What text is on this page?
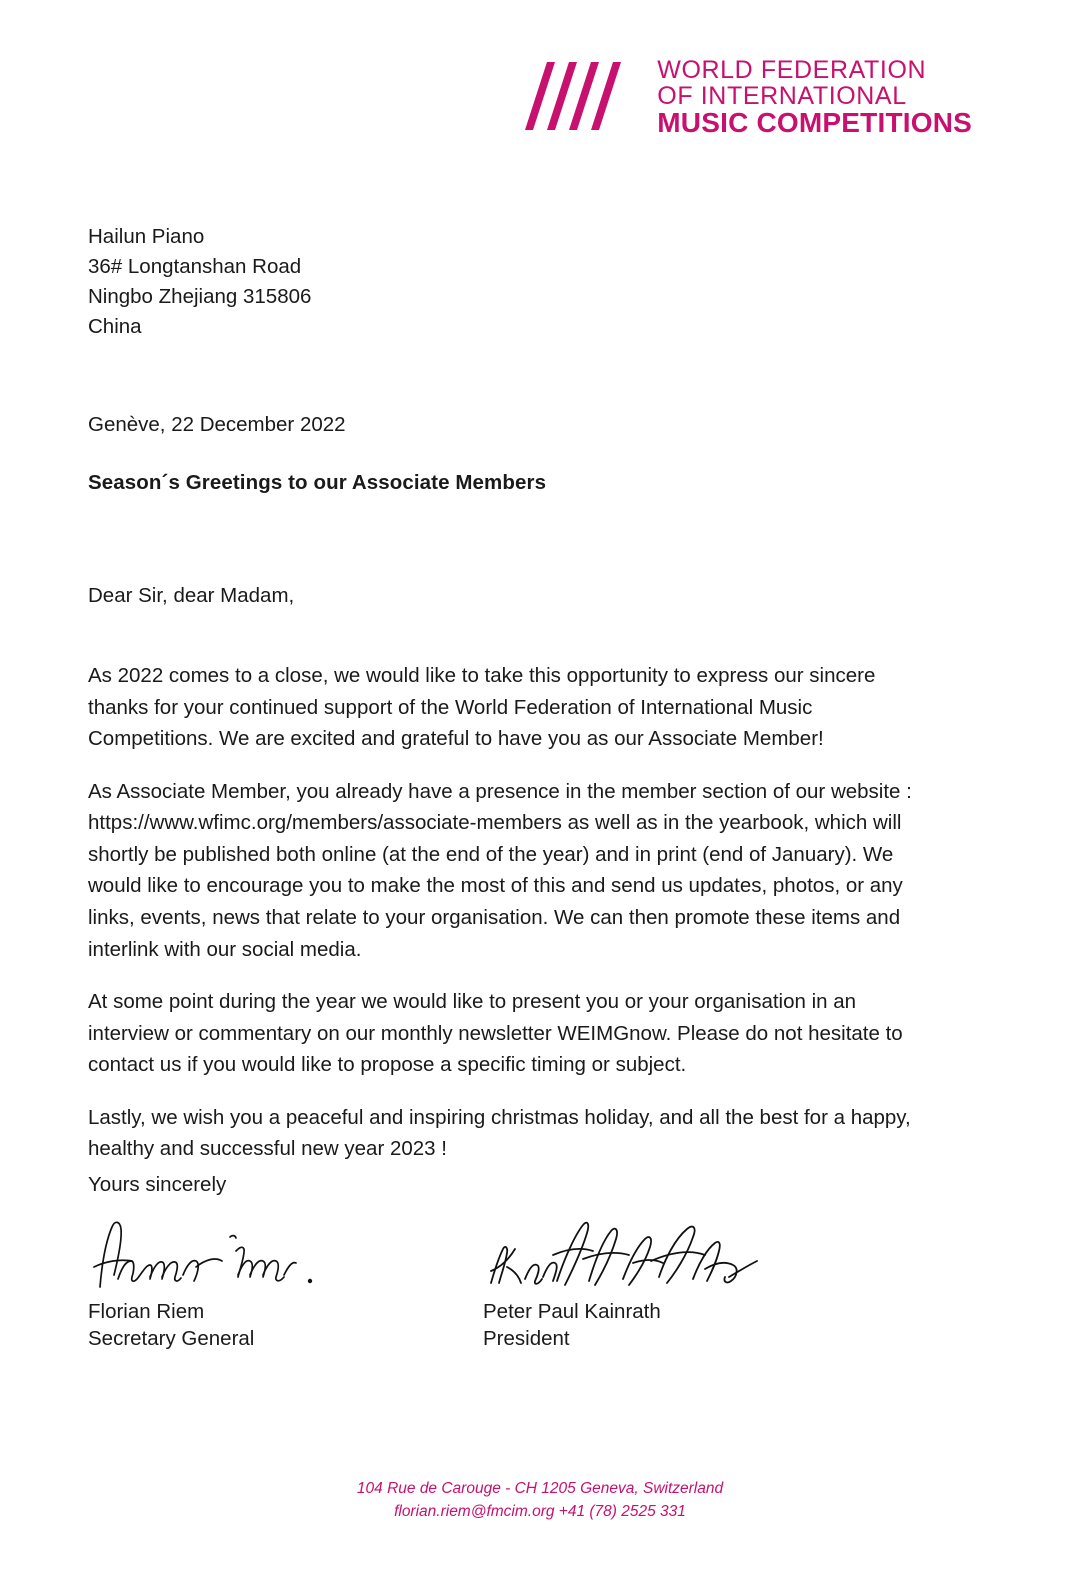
WORLD FEDERATION
OF INTERNATIONAL
MUSIC COMPETITIONS
Hailun Piano
36# Longtanshan Road
Ningbo Zhejiang 315806
China
Genève, 22 December 2022
Season´s Greetings to our Associate Members
Dear Sir, dear Madam,

As 2022 comes to a close, we would like to take this opportunity to express our sincere thanks for your continued support of the World Federation of International Music Competitions. We are excited and grateful to have you as our Associate Member!

As Associate Member, you already have a presence in the member section of our website : https://www.wfimc.org/members/associate-members as well as in the yearbook, which will shortly be published both online (at the end of the year) and in print (end of January). We would like to encourage you to make the most of this and send us updates, photos, or any links, events, news that relate to your organisation. We can then promote these items and interlink with our social media.

At some point during the year we would like to present you or your organisation in an interview or commentary on our monthly newsletter WEIMGnow. Please do not hesitate to contact us if you would like to propose a specific timing or subject.

Lastly, we wish you a peaceful and inspiring christmas holiday, and all the best for a happy, healthy and successful new year 2023 !

Yours sincerely
Florian Riem
Secretary General
Peter Paul Kainrath
President
104 Rue de Carouge - CH 1205 Geneva, Switzerland
florian.riem@fmcim.org +41 (78) 2525 331
